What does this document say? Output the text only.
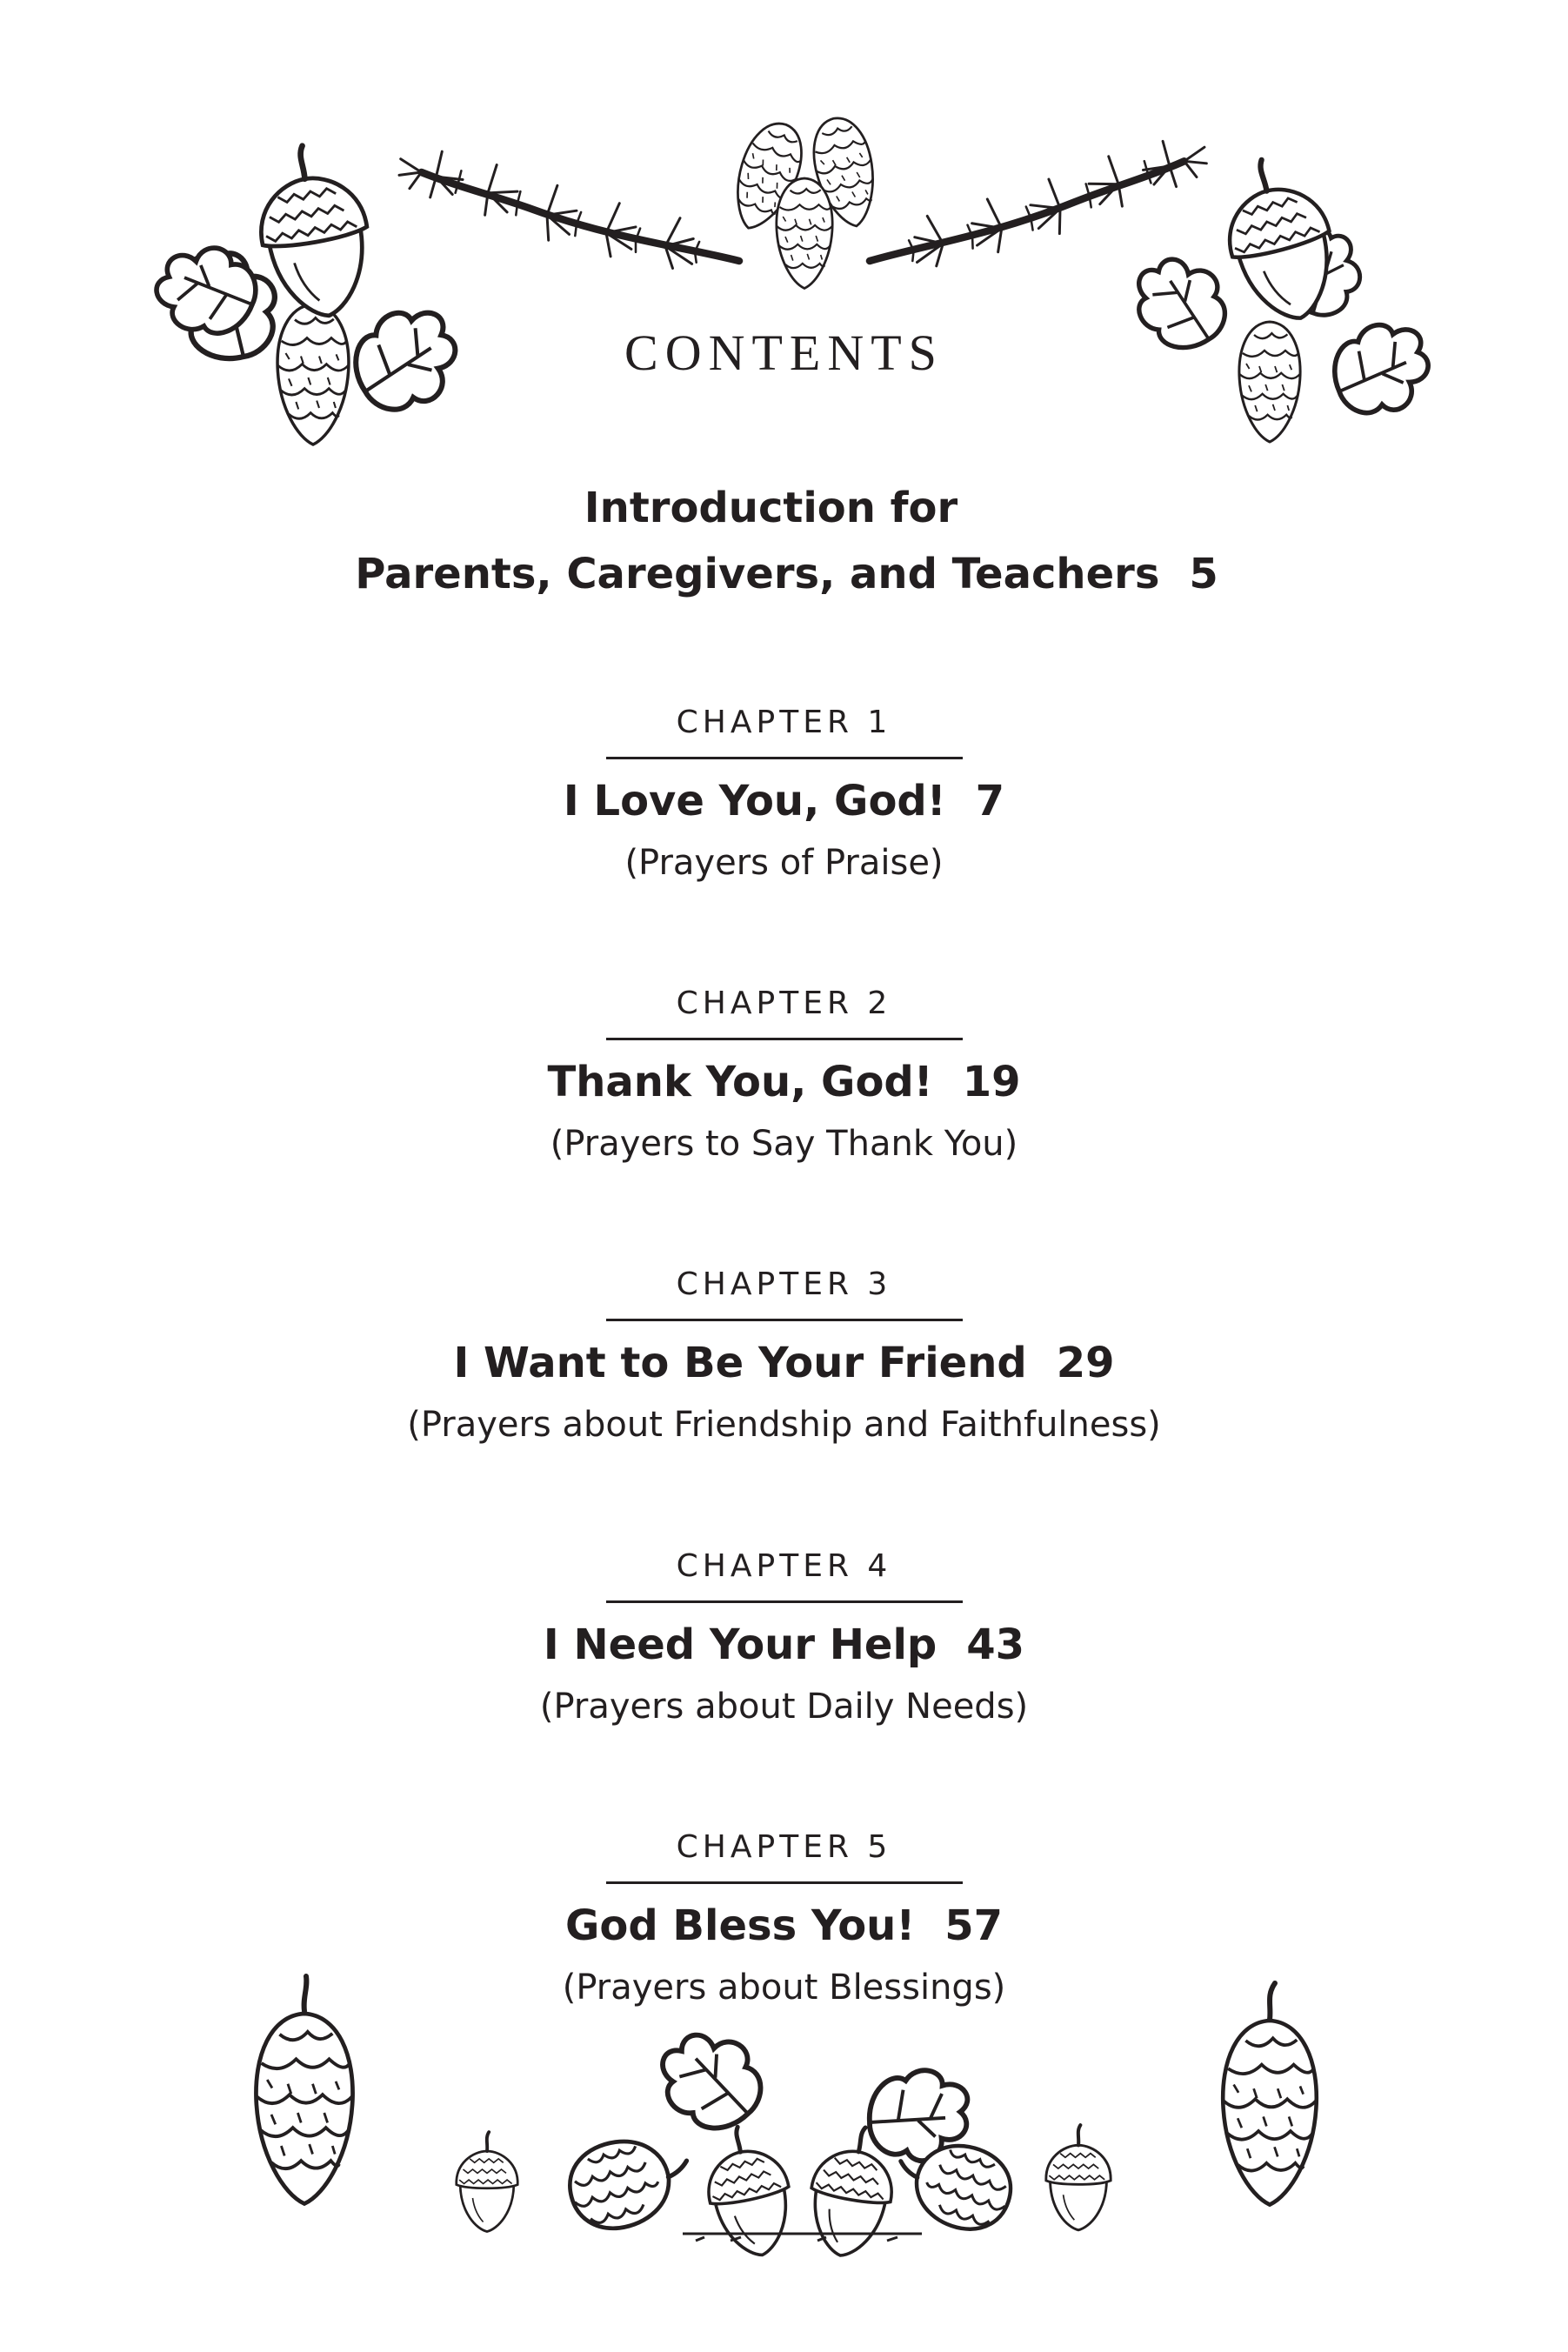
CONTENTS
Introduction for
Parents, Caregivers, and Teachers 5
CHAPTER 1
I Love You, God! 7
(Prayers of Praise)
CHAPTER 2
Thank You, God! 19
(Prayers to Say Thank You)
CHAPTER 3
I Want to Be Your Friend 29
(Prayers about Friendship and Faithfulness)
CHAPTER 4
I Need Your Help 43
(Prayers about Daily Needs)
CHAPTER 5
God Bless You! 57
(Prayers about Blessings)
